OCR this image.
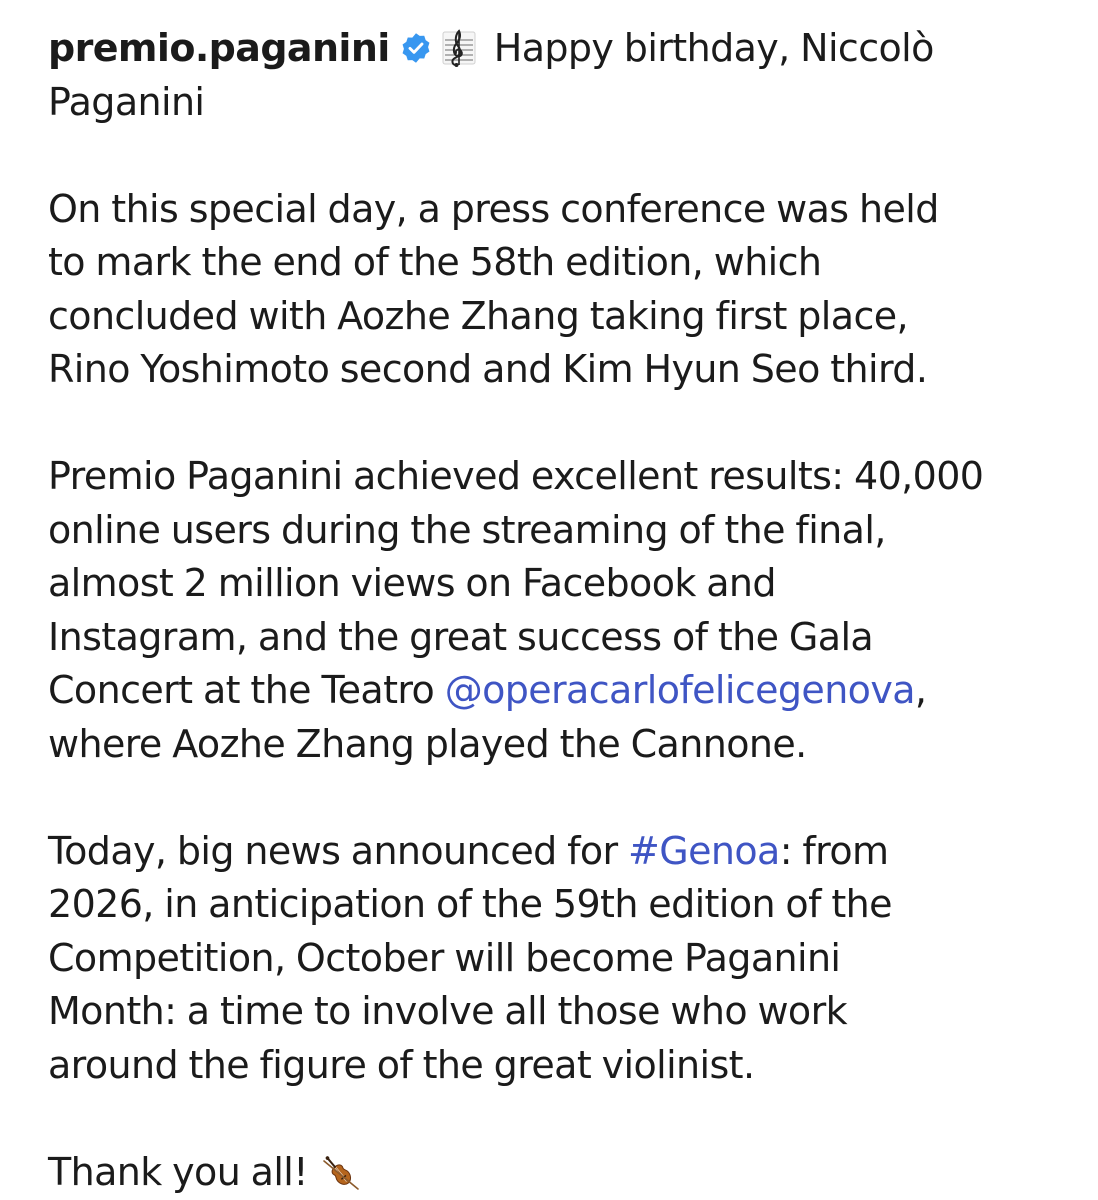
premio.paganini	Happy birthday, Niccolò
Paganini
On this special day, a press conference was held
to mark the end of the 58th edition, which
concluded with Aozhe Zhang taking first place,
Rino Yoshimoto second and Kim Hyun Seo third.
Premio Paganini achieved excellent results: 40,000
online users during the streaming of the final,
almost 2 million views on Facebook and
Instagram, and the great success of the Gala
Concert at the Teatro @operacarlofelicegenova,
where Aozhe Zhang played the Cannone.
Today, big news announced for #Genoa: from
2026, in anticipation of the 59th edition of the
Competition, October will become Paganini
Month: a time to involve all those who work
around the figure of the great violinist.
Thank you all!
